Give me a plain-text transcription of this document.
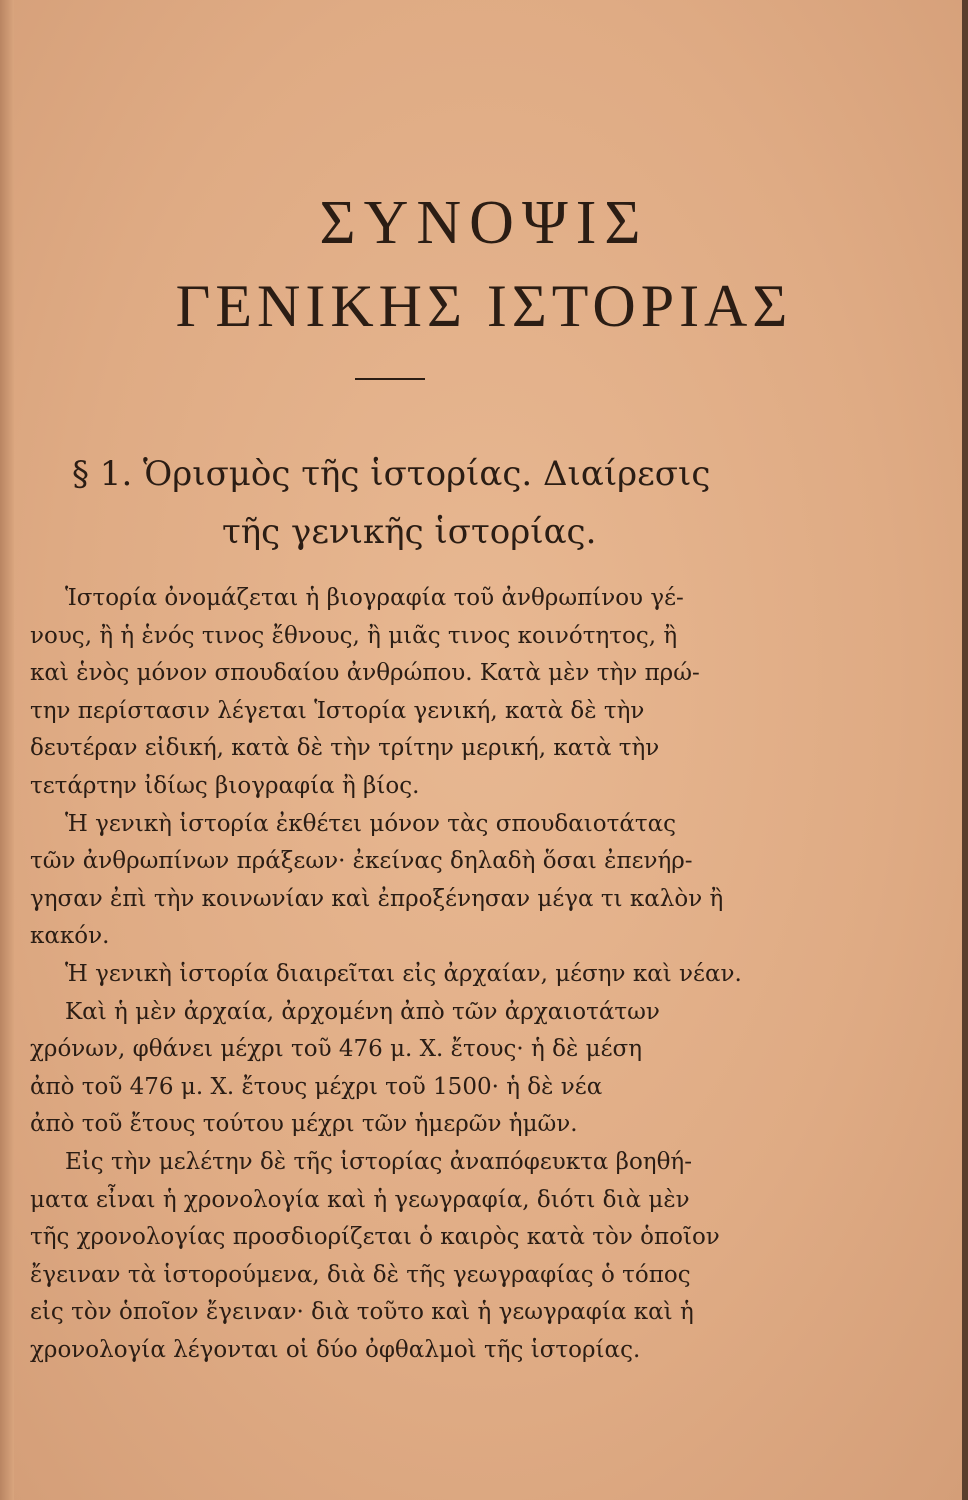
ΣΥΝΟΨΙΣ
ΓΕΝΙΚΗΣ ΙΣΤΟΡΙΑΣ
§ 1. Ὁρισμὸς τῆς ἱστορίας. Διαίρεσις
τῆς γενικῆς ἱστορίας.
Ἱστορία ὀνομάζεται ἡ βιογραφία τοῦ ἀνθρωπίνου γέ-
νους, ἢ ἡ ἑνός τινος ἔθνους, ἢ μιᾶς τινος κοινότητος, ἢ
καὶ ἑνὸς μόνον σπουδαίου ἀνθρώπου. Κατὰ μὲν τὴν πρώ-
την περίστασιν λέγεται Ἱστορία γενική, κατὰ δὲ τὴν
δευτέραν εἰδική, κατὰ δὲ τὴν τρίτην μερική, κατὰ τὴν
τετάρτην ἰδίως βιογραφία ἢ βίος.
Ἡ γενικὴ ἱστορία ἐκθέτει μόνον τὰς σπουδαιοτάτας
τῶν ἀνθρωπίνων πράξεων· ἐκείνας δηλαδὴ ὅσαι ἐπενήρ-
γησαν ἐπὶ τὴν κοινωνίαν καὶ ἐπροξένησαν μέγα τι καλὸν ἢ
κακόν.
Ἡ γενικὴ ἱστορία διαιρεῖται εἰς ἀρχαίαν, μέσην καὶ νέαν.
Καὶ ἡ μὲν ἀρχαία, ἀρχομένη ἀπὸ τῶν ἀρχαιοτάτων
χρόνων, φθάνει μέχρι τοῦ 476 μ. Χ. ἔτους· ἡ δὲ μέση
ἀπὸ τοῦ 476 μ. Χ. ἔτους μέχρι τοῦ 1500· ἡ δὲ νέα
ἀπὸ τοῦ ἔτους τούτου μέχρι τῶν ἡμερῶν ἡμῶν.
Εἰς τὴν μελέτην δὲ τῆς ἱστορίας ἀναπόφευκτα βοηθή-
ματα εἶναι ἡ χρονολογία καὶ ἡ γεωγραφία, διότι διὰ μὲν
τῆς χρονολογίας προσδιορίζεται ὁ καιρὸς κατὰ τὸν ὁποῖον
ἔγειναν τὰ ἱστορούμενα, διὰ δὲ τῆς γεωγραφίας ὁ τόπος
εἰς τὸν ὁποῖον ἔγειναν· διὰ τοῦτο καὶ ἡ γεωγραφία καὶ ἡ
χρονολογία λέγονται οἱ δύο ὀφθαλμοὶ τῆς ἱστορίας.
